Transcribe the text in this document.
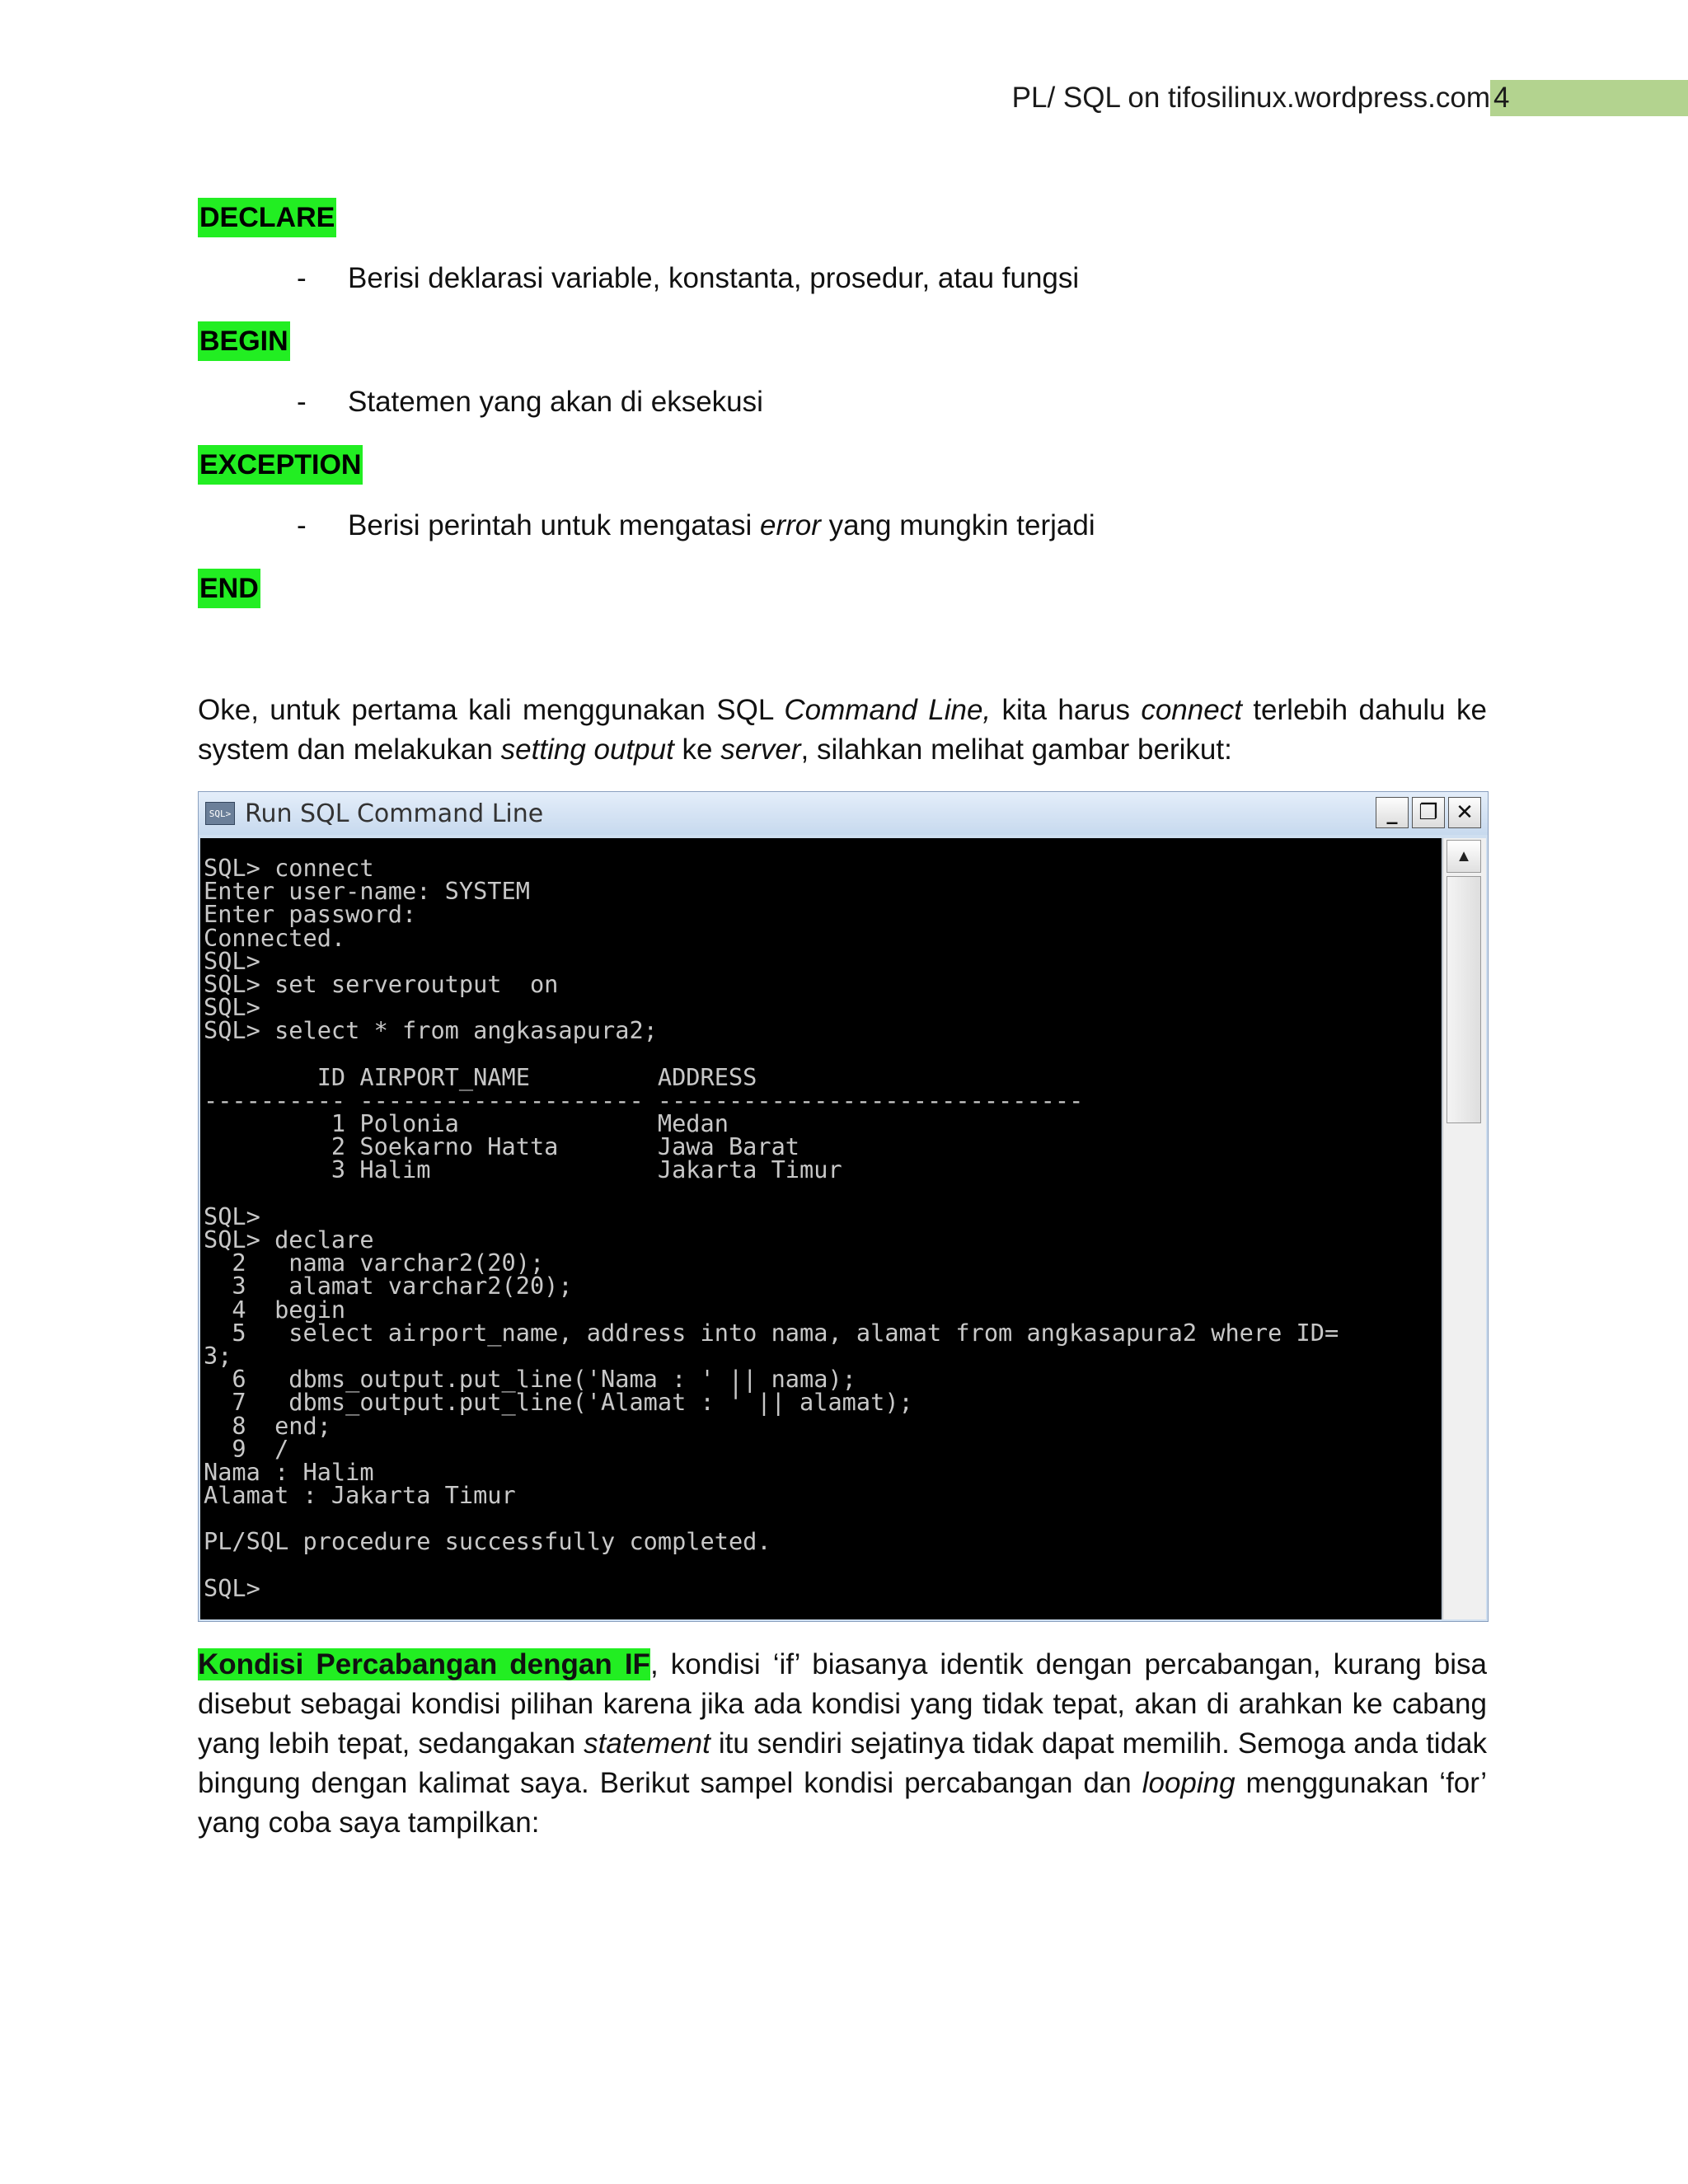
PL/ SQL on tifosilinux.wordpress.com 4
DECLARE
- Berisi deklarasi variable, konstanta, prosedur, atau fungsi
BEGIN
- Statemen yang akan di eksekusi
EXCEPTION
- Berisi perintah untuk mengatasi error yang mungkin terjadi
END
Oke, untuk pertama kali menggunakan SQL Command Line, kita harus connect terlebih dahulu ke system dan melakukan setting output ke server, silahkan melihat gambar berikut:
SQL> Run SQL Command Line	_ ❐ ✕
SQL> connect
Enter user-name: SYSTEM
Enter password:
Connected.
SQL>
SQL> set serveroutput  on
SQL>
SQL> select * from angkasapura2;
ID AIRPORT_NAME         ADDRESS
---------- -------------------- ------------------------------
1 Polonia              Medan
2 Soekarno Hatta       Jawa Barat
3 Halim                Jakarta Timur
SQL>
SQL> declare
2   nama varchar2(20);
3   alamat varchar2(20);
4  begin
5   select airport_name, address into nama, alamat from angkasapura2 where ID=
3;
6   dbms_output.put_line('Nama : ' || nama);
7   dbms_output.put_line('Alamat : ' || alamat);
8  end;
9  /
Nama : Halim
Alamat : Jakarta Timur
PL/SQL procedure successfully completed.
SQL>
▲
Kondisi Percabangan dengan IF, kondisi ‘if’ biasanya identik dengan percabangan, kurang bisa disebut sebagai kondisi pilihan karena jika ada kondisi yang tidak tepat, akan di arahkan ke cabang yang lebih tepat, sedangakan statement itu sendiri sejatinya tidak dapat memilih. Semoga anda tidak bingung dengan kalimat saya. Berikut sampel kondisi percabangan dan looping menggunakan ‘for’ yang coba saya tampilkan:
